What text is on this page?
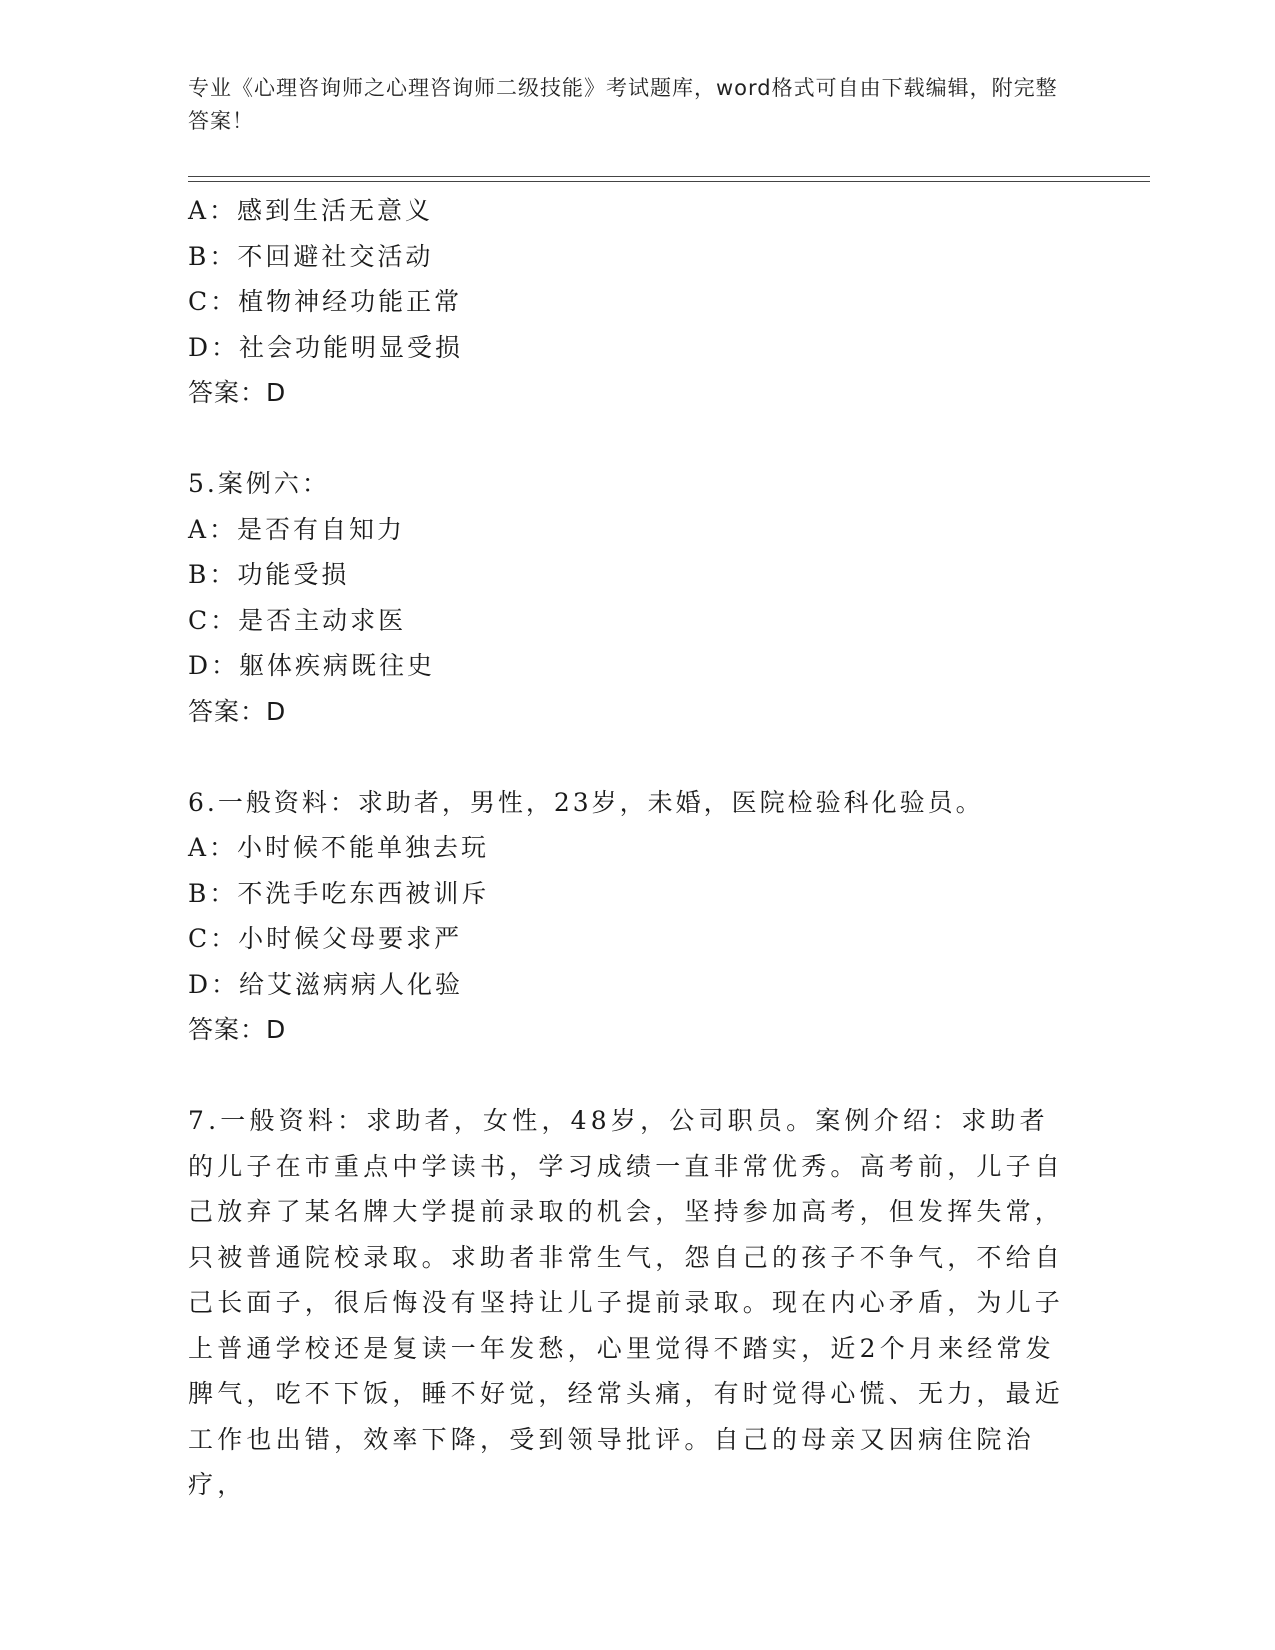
专业《心理咨询师之心理咨询师二级技能》考试题库，word格式可自由下载编辑，附完整答案！
A：感到生活无意义
B：不回避社交活动
C：植物神经功能正常
D：社会功能明显受损
答案：D
5.案例六：
A：是否有自知力
B：功能受损
C：是否主动求医
D：躯体疾病既往史
答案：D
6.一般资料：求助者，男性，23岁，未婚，医院检验科化验员。
A：小时候不能单独去玩
B：不洗手吃东西被训斥
C：小时候父母要求严
D：给艾滋病病人化验
答案：D
7.一般资料：求助者，女性，48岁，公司职员。案例介绍：求助者的儿子在市重点中学读书，学习成绩一直非常优秀。高考前，儿子自己放弃了某名牌大学提前录取的机会，坚持参加高考，但发挥失常，只被普通院校录取。求助者非常生气，怨自己的孩子不争气，不给自己长面子，很后悔没有坚持让儿子提前录取。现在内心矛盾，为儿子上普通学校还是复读一年发愁，心里觉得不踏实，近2个月来经常发脾气，吃不下饭，睡不好觉，经常头痛，有时觉得心慌、无力，最近工作也出错，效率下降，受到领导批评。自己的母亲又因病住院治疗，
